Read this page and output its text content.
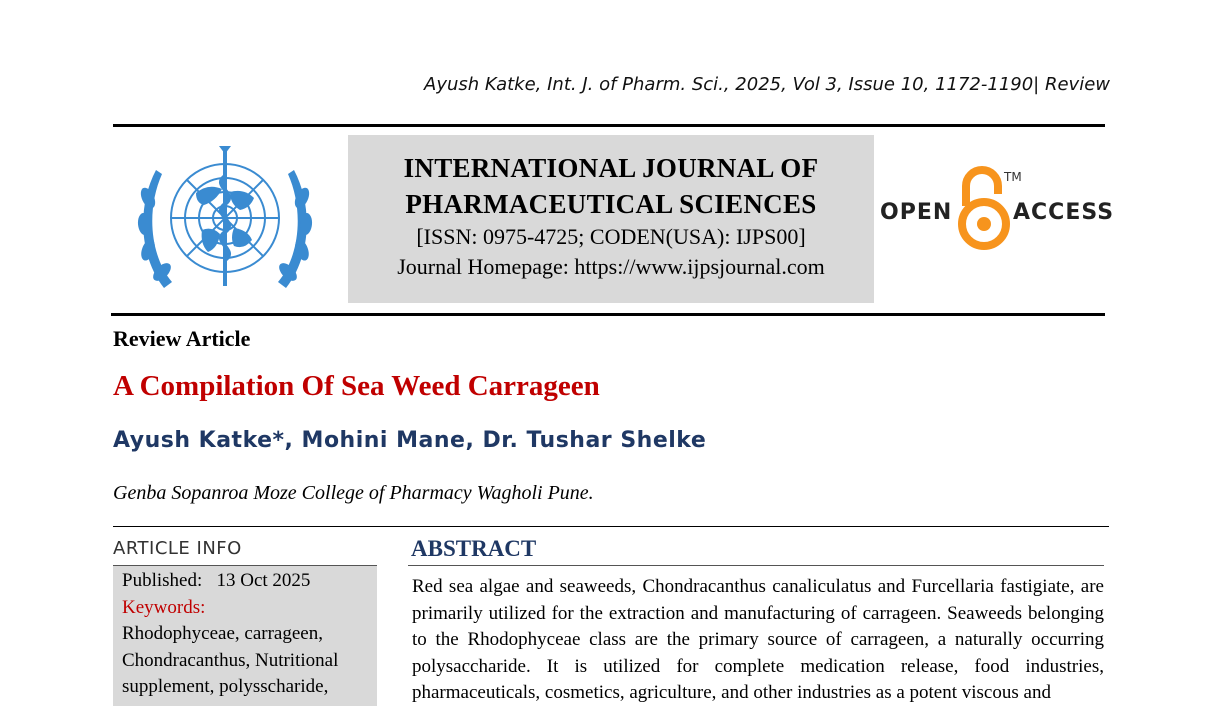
Ayush Katke, Int. J. of Pharm. Sci., 2025, Vol 3, Issue 10, 1172-1190| Review
INTERNATIONAL JOURNAL OF
PHARMACEUTICAL SCIENCES
[ISSN: 0975-4725; CODEN(USA): IJPS00]
Journal Homepage: https://www.ijpsjournal.com
OPEN
TM
ACCESS
Review Article
A Compilation Of Sea Weed Carrageen
Ayush Katke*, Mohini Mane, Dr. Tushar Shelke
Genba Sopanroa Moze College of Pharmacy Wagholi Pune.
ARTICLE INFO
Published: 13 Oct 2025
Keywords:
Rhodophyceae, carrageen, Chondracanthus, Nutritional supplement, polysscharide,
ABSTRACT
Red sea algae and seaweeds, Chondracanthus canaliculatus and Furcellaria fastigiate, are primarily utilized for the extraction and manufacturing of carrageen. Seaweeds belonging to the Rhodophyceae class are the primary source of carrageen, a naturally occurring polysaccharide. It is utilized for complete medication release, food industries, pharmaceuticals, cosmetics, agriculture, and other industries as a potent viscous and
